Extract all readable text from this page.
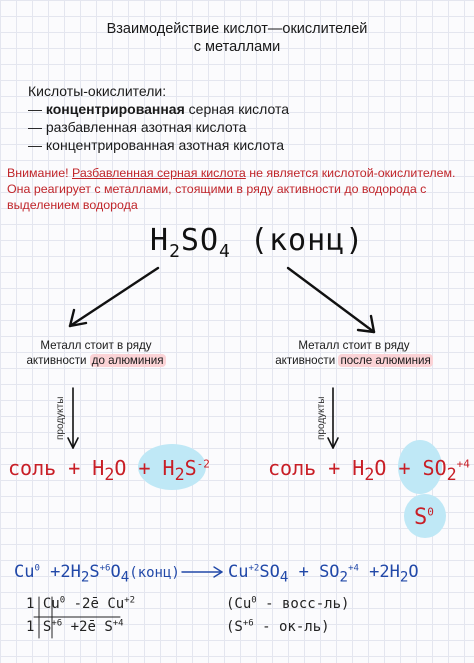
Взаимодействие кислот—окислителей
с металлами
Кислоты-окислители:
— концентрированная серная кислота
— разбавленная азотная кислота
— концентрированная азотная кислота
Внимание! Разбавленная серная кислота не является кислотой-окислителем. Она реагирует с металлами, стоящими в ряду активности до водорода с выделением водорода
$H_2SO_4$ (конц)
Металл стоит в ряду
активности до алюминия
Металл стоит в ряду
активности после алюминия
продукты	продукты
соль + $H_2O + H_2S^{-2}$	соль + $H_2O + SO_2^{+4}$
$S^0$
$Cu^0$ $+2H_2S^{+6}O_4(конц)$	$Cu^{+2}SO_4 + SO_2^{+4} +2H_2O$
1 Cu$^0$ -2ē $Cu^{+2}$
1 $S^{+6}$ +2ē $S^{+4}$
(Cu$^0$ - восс-ль)
$(S^{+6} - ок-ль)$
